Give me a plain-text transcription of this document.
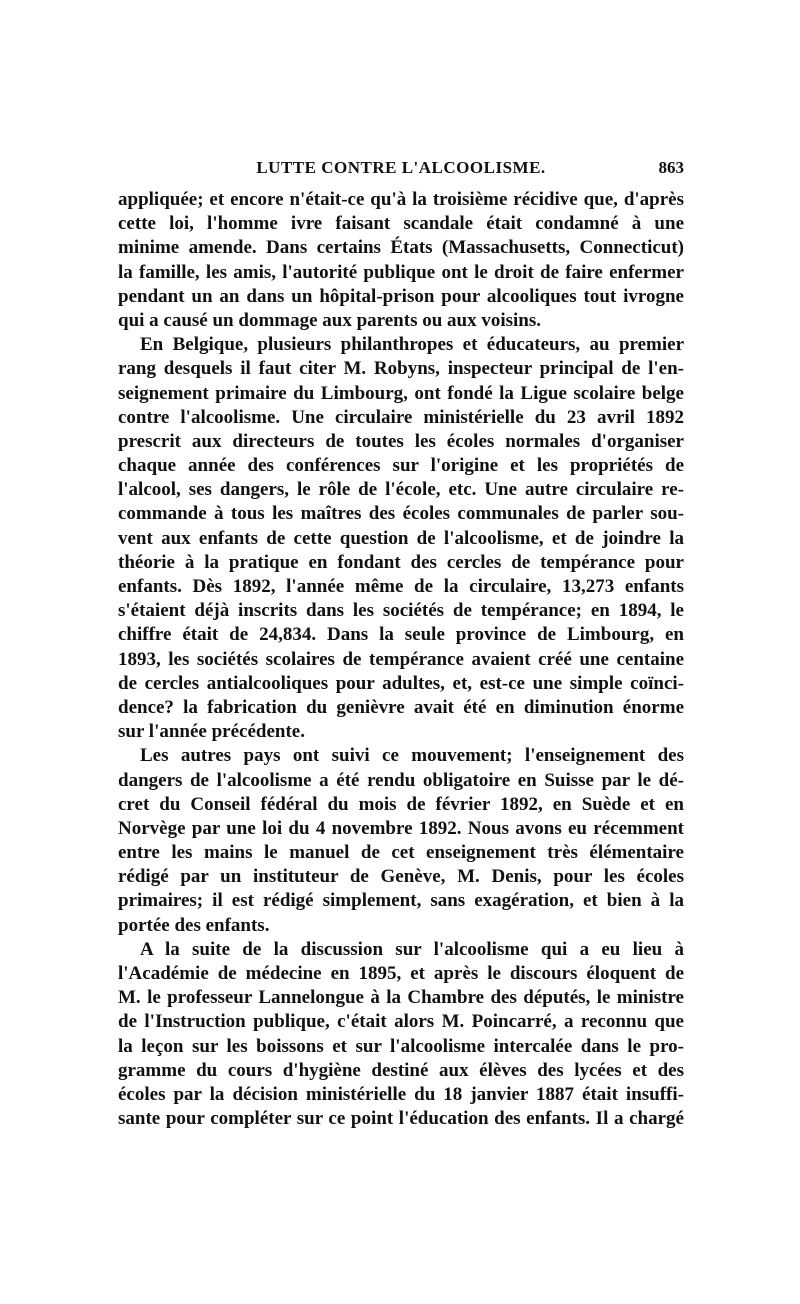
LUTTE CONTRE L'ALCOOLISME.	863
appliquée; et encore n'était-ce qu'à la troisième récidive que, d'après
cette loi, l'homme ivre faisant scandale était condamné à une
minime amende. Dans certains États (Massachusetts, Connecticut)
la famille, les amis, l'autorité publique ont le droit de faire enfermer
pendant un an dans un hôpital-prison pour alcooliques tout ivrogne
qui a causé un dommage aux parents ou aux voisins.
En Belgique, plusieurs philanthropes et éducateurs, au premier
rang desquels il faut citer M. Robyns, inspecteur principal de l'en-
seignement primaire du Limbourg, ont fondé la Ligue scolaire belge
contre l'alcoolisme. Une circulaire ministérielle du 23 avril 1892
prescrit aux directeurs de toutes les écoles normales d'organiser
chaque année des conférences sur l'origine et les propriétés de
l'alcool, ses dangers, le rôle de l'école, etc. Une autre circulaire re-
commande à tous les maîtres des écoles communales de parler sou-
vent aux enfants de cette question de l'alcoolisme, et de joindre la
théorie à la pratique en fondant des cercles de tempérance pour
enfants. Dès 1892, l'année même de la circulaire, 13,273 enfants
s'étaient déjà inscrits dans les sociétés de tempérance; en 1894, le
chiffre était de 24,834. Dans la seule province de Limbourg, en
1893, les sociétés scolaires de tempérance avaient créé une centaine
de cercles antialcooliques pour adultes, et, est-ce une simple coïnci-
dence? la fabrication du genièvre avait été en diminution énorme
sur l'année précédente.
Les autres pays ont suivi ce mouvement; l'enseignement des
dangers de l'alcoolisme a été rendu obligatoire en Suisse par le dé-
cret du Conseil fédéral du mois de février 1892, en Suède et en
Norvège par une loi du 4 novembre 1892. Nous avons eu récemment
entre les mains le manuel de cet enseignement très élémentaire
rédigé par un instituteur de Genève, M. Denis, pour les écoles
primaires; il est rédigé simplement, sans exagération, et bien à la
portée des enfants.
A la suite de la discussion sur l'alcoolisme qui a eu lieu à
l'Académie de médecine en 1895, et après le discours éloquent de
M. le professeur Lannelongue à la Chambre des députés, le ministre
de l'Instruction publique, c'était alors M. Poincarré, a reconnu que
la leçon sur les boissons et sur l'alcoolisme intercalée dans le pro-
gramme du cours d'hygiène destiné aux élèves des lycées et des
écoles par la décision ministérielle du 18 janvier 1887 était insuffi-
sante pour compléter sur ce point l'éducation des enfants. Il a chargé
